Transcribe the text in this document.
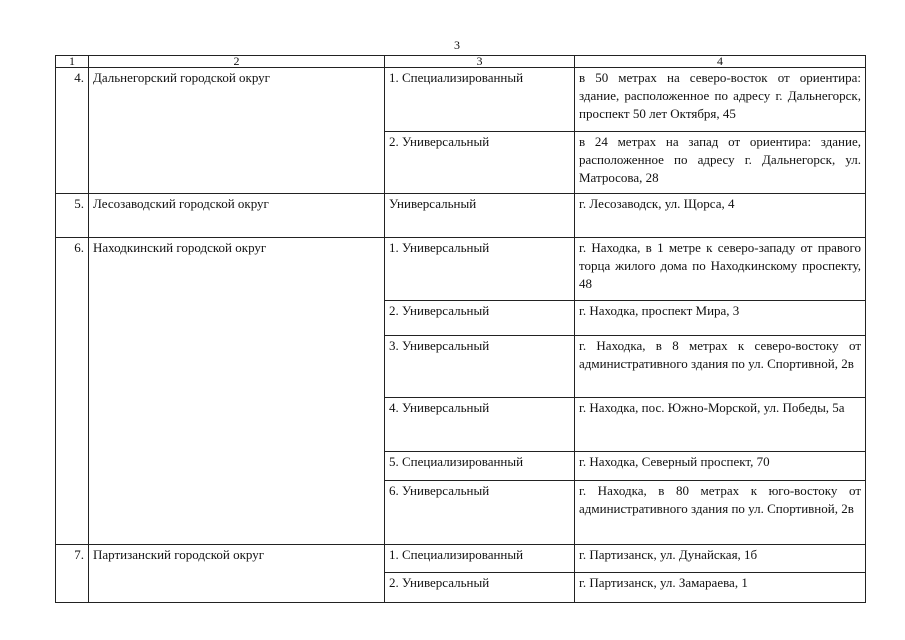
3
1	2	3	4
4.	Дальнегорский городской округ	1. Специализированный	в 50 метрах на северо-восток от ориентира: здание, расположенное по адресу г. Дальнегорск, проспект 50 лет Октября, 45
		2. Универсальный	в 24 метрах на запад от ориентира: здание, расположенное по адресу г. Дальнегорск, ул. Матросова, 28
5.	Лесозаводский городской округ	Универсальный	г. Лесозаводск, ул. Щорса, 4
6.	Находкинский городской округ	1. Универсальный	г. Находка, в 1 метре к северо-западу от правого торца жилого дома по Находкинскому проспекту, 48
		2. Универсальный	г. Находка, проспект Мира, 3
		3. Универсальный	г. Находка, в 8 метрах к северо-востоку от административного здания по ул. Спортивной, 2в
		4. Универсальный	г. Находка, пос. Южно-Морской, ул. Победы, 5а
		5. Специализированный	г. Находка, Северный проспект, 70
		6. Универсальный	г. Находка, в 80 метрах к юго-востоку от административного здания по ул. Спортивной, 2в
7.	Партизанский городской округ	1. Специализированный	г. Партизанск, ул. Дунайская, 1б
		2. Универсальный	г. Партизанск, ул. Замараева, 1
